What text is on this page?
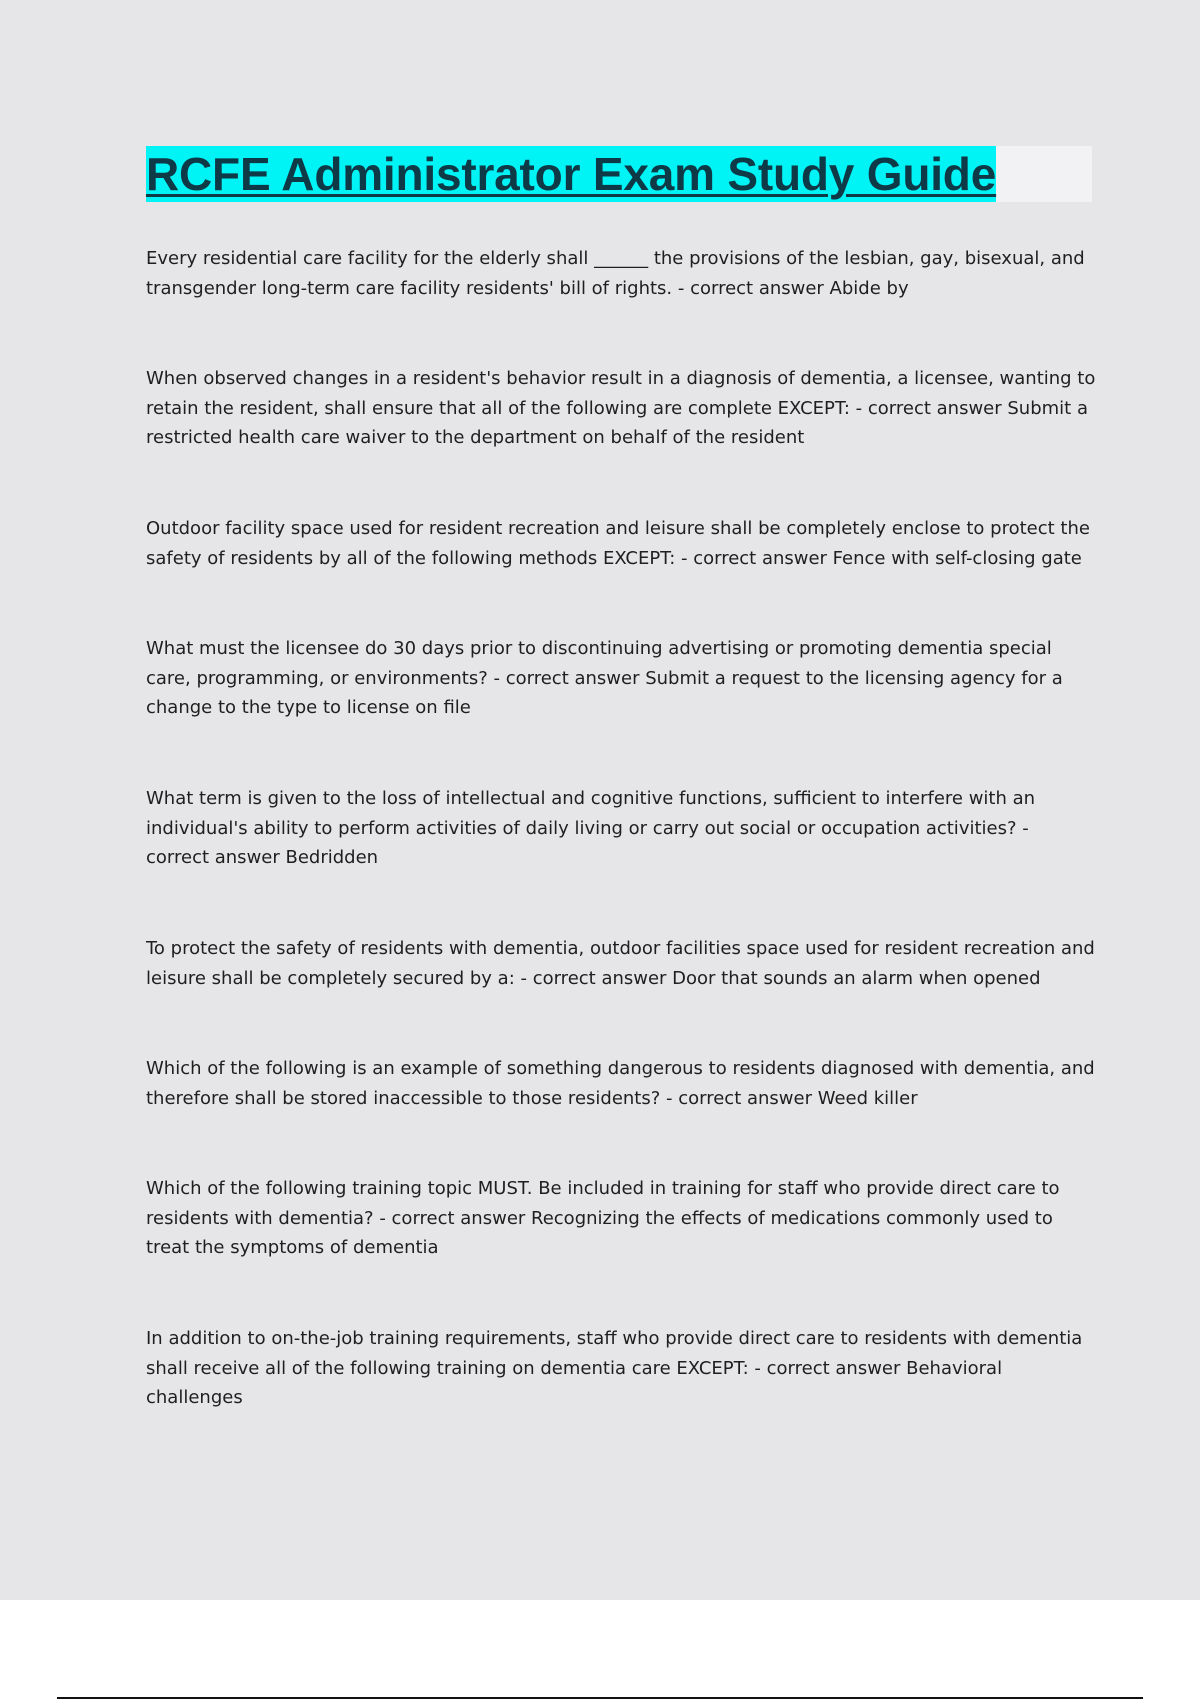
RCFE Administrator Exam Study Guide

Every residential care facility for the elderly shall ______ the provisions of the lesbian, gay, bisexual, and transgender long-term care facility residents' bill of rights. - correct answer Abide by

When observed changes in a resident's behavior result in a diagnosis of dementia, a licensee, wanting to retain the resident, shall ensure that all of the following are complete EXCEPT: - correct answer Submit a restricted health care waiver to the department on behalf of the resident

Outdoor facility space used for resident recreation and leisure shall be completely enclose to protect the safety of residents by all of the following methods EXCEPT: - correct answer Fence with self-closing gate

What must the licensee do 30 days prior to discontinuing advertising or promoting dementia special care, programming, or environments? - correct answer Submit a request to the licensing agency for a change to the type to license on file

What term is given to the loss of intellectual and cognitive functions, sufficient to interfere with an individual's ability to perform activities of daily living or carry out social or occupation activities? - correct answer Bedridden

To protect the safety of residents with dementia, outdoor facilities space used for resident recreation and leisure shall be completely secured by a: - correct answer Door that sounds an alarm when opened

Which of the following is an example of something dangerous to residents diagnosed with dementia, and therefore shall be stored inaccessible to those residents? - correct answer Weed killer

Which of the following training topic MUST. Be included in training for staff who provide direct care to residents with dementia? - correct answer Recognizing the effects of medications commonly used to treat the symptoms of dementia

In addition to on-the-job training requirements, staff who provide direct care to residents with dementia shall receive all of the following training on dementia care EXCEPT: - correct answer Behavioral challenges
